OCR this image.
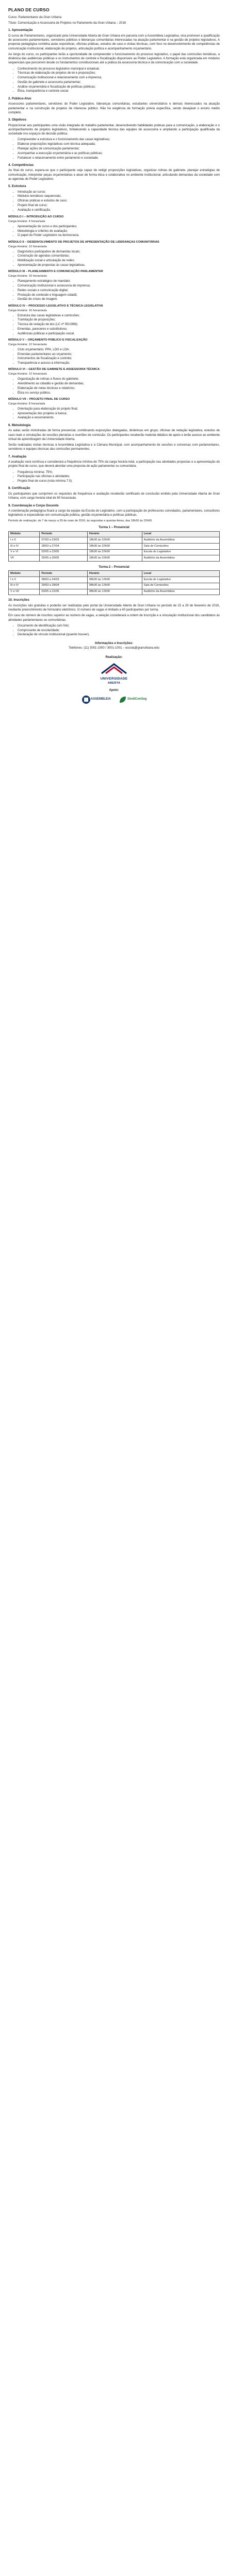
PLANO DE CURSO
Curso: Parlamentares da Gran Urbana
Título: Comunicação e Assessoria de Projetos no Parlamento da Gran Urbana – 2016
1. Apresentação

O curso de Parlamentares, organizado pela Universidade Aberta de Gran Urbana em parceria com a Assembleia Legislativa, visa promover a qualificação de assessores parlamentares, servidores públicos e lideranças comunitárias interessadas na atuação parlamentar e na gestão de projetos legislativos. A proposta pedagógica combina aulas expositivas, oficinas práticas, estudos de caso e visitas técnicas, com foco no desenvolvimento de competências de comunicação institucional, elaboração de projetos, articulação política e acompanhamento orçamentário.

Ao longo do curso, os participantes terão a oportunidade de compreender o funcionamento do processo legislativo, o papel das comissões temáticas, a dinâmica das audiências públicas e os instrumentos de controle e fiscalização disponíveis ao Poder Legislativo. A formação está organizada em módulos sequenciais que percorrem desde os fundamentos constitucionais até a prática da assessoria técnica e da comunicação com a sociedade.

• Conhecimento do processo legislativo municipal e estadual;
• Técnicas de elaboração de projetos de lei e proposições;
• Comunicação institucional e relacionamento com a imprensa;
• Gestão de gabinete e assessoria parlamentar;
• Análise orçamentária e fiscalização de políticas públicas;
• Ética, transparência e controle social.
2. Público-Alvo

Assessores parlamentares, servidores do Poder Legislativo, lideranças comunitárias, estudantes universitários e demais interessados na atuação parlamentar e na construção de projetos de interesse público. Não há exigência de formação prévia específica, sendo desejável o ensino médio completo.

3. Objetivos

Proporcionar aos participantes uma visão integrada do trabalho parlamentar, desenvolvendo habilidades práticas para a comunicação, a elaboração e o acompanhamento de projetos legislativos, fortalecendo a capacidade técnica das equipes de assessoria e ampliando a participação qualificada da sociedade nos espaços de decisão pública.

• Compreender a estrutura e o funcionamento das casas legislativas;
• Elaborar proposições legislativas com técnica adequada;
• Planejar ações de comunicação parlamentar;
• Acompanhar a execução orçamentária e as políticas públicas;
• Fortalecer o relacionamento entre parlamento e sociedade.
4. Competências

Ao final do curso, espera-se que o participante seja capaz de redigir proposições legislativas, organizar rotinas de gabinete, planejar estratégias de comunicação, interpretar peças orçamentárias e atuar de forma ética e colaborativa no ambiente institucional, articulando demandas da sociedade com as agendas do Poder Legislativo.

5. Estrutura
• Introdução ao curso;
• Módulos temáticos sequenciais;
• Oficinas práticas e estudos de caso;
• Projeto final de curso;
• Avaliação e certificação.
MÓDULO I – INTRODUÇÃO AO CURSO
Carga Horária: 4 horas/aula
• Apresentação do curso e dos participantes;
• Metodologia e critérios de avaliação;
• O papel do Poder Legislativo na democracia.
MÓDULO II – DESENVOLVIMENTO DE PROJETOS DE APRESENTAÇÃO DE LIDERANÇAS COMUNITÁRIAS
Carga Horária: 12 horas/aula
• Diagnóstico participativo de demandas locais;
• Construção de agendas comunitárias;
• Mobilização social e articulação de redes;
• Apresentação de propostas às casas legislativas.
MÓDULO III – PLANEJAMENTO E COMUNICAÇÃO PARLAMENTAR
Carga Horária: 16 horas/aula
• Planejamento estratégico de mandato;
• Comunicação institucional e assessoria de imprensa;
• Redes sociais e comunicação digital;
• Produção de conteúdo e linguagem cidadã;
• Gestão de crises de imagem.
MÓDULO IV – PROCESSO LEGISLATIVO E TÉCNICA LEGISLATIVA
Carga Horária: 16 horas/aula
• Estrutura das casas legislativas e comissões;
• Tramitação de proposições;
• Técnica de redação de leis (LC nº 95/1998);
• Emendas, pareceres e substitutivos;
• Audiências públicas e participação social.
MÓDULO V – ORÇAMENTO PÚBLICO E FISCALIZAÇÃO
Carga Horária: 12 horas/aula
• Ciclo orçamentário: PPA, LDO e LOA;
• Emendas parlamentares ao orçamento;
• Instrumentos de fiscalização e controle;
• Transparência e acesso à informação.
MÓDULO VI – GESTÃO DE GABINETE E ASSESSORIA TÉCNICA
Carga Horária: 12 horas/aula
• Organização de rotinas e fluxos do gabinete;
• Atendimento ao cidadão e gestão de demandas;
• Elaboração de notas técnicas e relatórios;
• Ética no serviço público.
MÓDULO VII – PROJETO FINAL DE CURSO
Carga Horária: 8 horas/aula
• Orientação para elaboração do projeto final;
• Apresentação dos projetos à banca;
• Avaliação e encerramento.
6. Metodologia

As aulas serão ministradas de forma presencial, combinando exposições dialogadas, dinâmicas em grupo, oficinas de redação legislativa, estudos de caso reais e simulações de sessões plenárias e reuniões de comissão. Os participantes receberão material didático de apoio e terão acesso ao ambiente virtual de aprendizagem da Universidade Aberta.

Serão realizadas visitas técnicas à Assembleia Legislativa e à Câmara Municipal, com acompanhamento de sessões e conversas com parlamentares, servidores e equipes técnicas das comissões permanentes.

7. Avaliação

A avaliação será contínua e considerará a frequência mínima de 75% da carga horária total, a participação nas atividades propostas e a apresentação do projeto final de curso, que deverá abordar uma proposta de ação parlamentar ou comunitária.

• Frequência mínima: 75%;
• Participação nas oficinas e atividades;
• Projeto final de curso (nota mínima 7,0).
8. Certificação

Os participantes que cumprirem os requisitos de frequência e avaliação receberão certificado de conclusão emitido pela Universidade Aberta de Gran Urbana, com carga horária total de 80 horas/aula.

9. Coordenação e Corpo Docente

A coordenação pedagógica ficará a cargo da equipe da Escola do Legislativo, com a participação de professores convidados, parlamentares, consultores legislativos e especialistas em comunicação pública, gestão orçamentária e políticas públicas.

Período de realização: de 7 de março a 30 de maio de 2016, às segundas e quartas-feiras, das 18h30 às 22h00.
Turma 1 – Presencial
Módulo	Período	Horário	Local
I e II	07/03 a 23/03	18h30 às 22h00	Auditório da Assembleia
III e IV	28/03 a 27/04	18h30 às 22h00	Sala de Comissões
V e VI	02/05 a 23/05	18h30 às 22h00	Escola do Legislativo
VII	25/05 a 30/05	18h30 às 22h00	Auditório da Assembleia
Turma 2 – Presencial
Módulo	Período	Horário	Local
I e II	08/03 a 24/03	08h30 às 12h00	Escola do Legislativo
III e IV	29/03 a 28/04	08h30 às 12h00	Sala de Comissões
V a VII	03/05 a 31/05	08h30 às 12h00	Auditório da Assembleia
10. Inscrições

As inscrições são gratuitas e poderão ser realizadas pelo portal da Universidade Aberta de Gran Urbana no período de 15 a 29 de fevereiro de 2016, mediante preenchimento de formulário eletrônico. O número de vagas é limitado a 40 participantes por turma.

Em caso de número de inscritos superior ao número de vagas, a seleção considerará a ordem de inscrição e a vinculação institucional dos candidatos às atividades parlamentares ou comunitárias.

• Documento de identificação com foto;
• Comprovante de escolaridade;
• Declaração de vínculo institucional (quando houver).
Informações e Inscrições:
Telefones: (11) 3001-1000 / 3001-1001 – escola@granurbana.edu
Realização:
UNIVERSIDADE
ABERTA
Apoio:
ASSEMBLEIA	SindiConSeg
